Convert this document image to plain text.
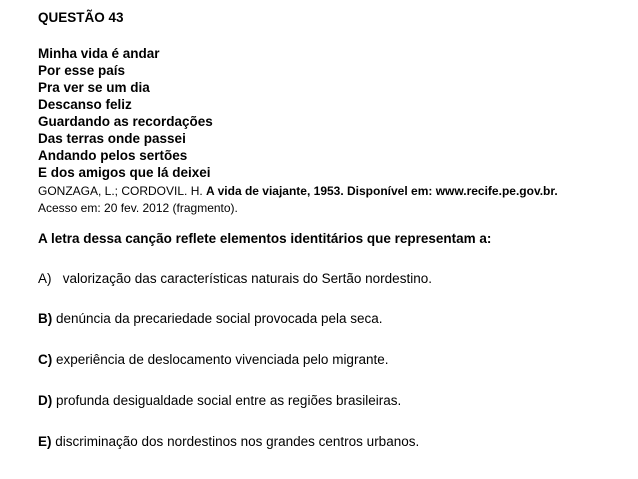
QUESTÃO 43
Minha vida é andar
Por esse país
Pra ver se um dia
Descanso feliz
Guardando as recordações
Das terras onde passei
Andando pelos sertões
E dos amigos que lá deixei
GONZAGA, L.; CORDOVIL. H. A vida de viajante, 1953. Disponível em: www.recife.pe.gov.br.
Acesso em: 20 fev. 2012 (fragmento).
A letra dessa canção reflete elementos identitários que representam a:
A) valorização das características naturais do Sertão nordestino.
B) denúncia da precariedade social provocada pela seca.
C) experiência de deslocamento vivenciada pelo migrante.
D) profunda desigualdade social entre as regiões brasileiras.
E) discriminação dos nordestinos nos grandes centros urbanos.
